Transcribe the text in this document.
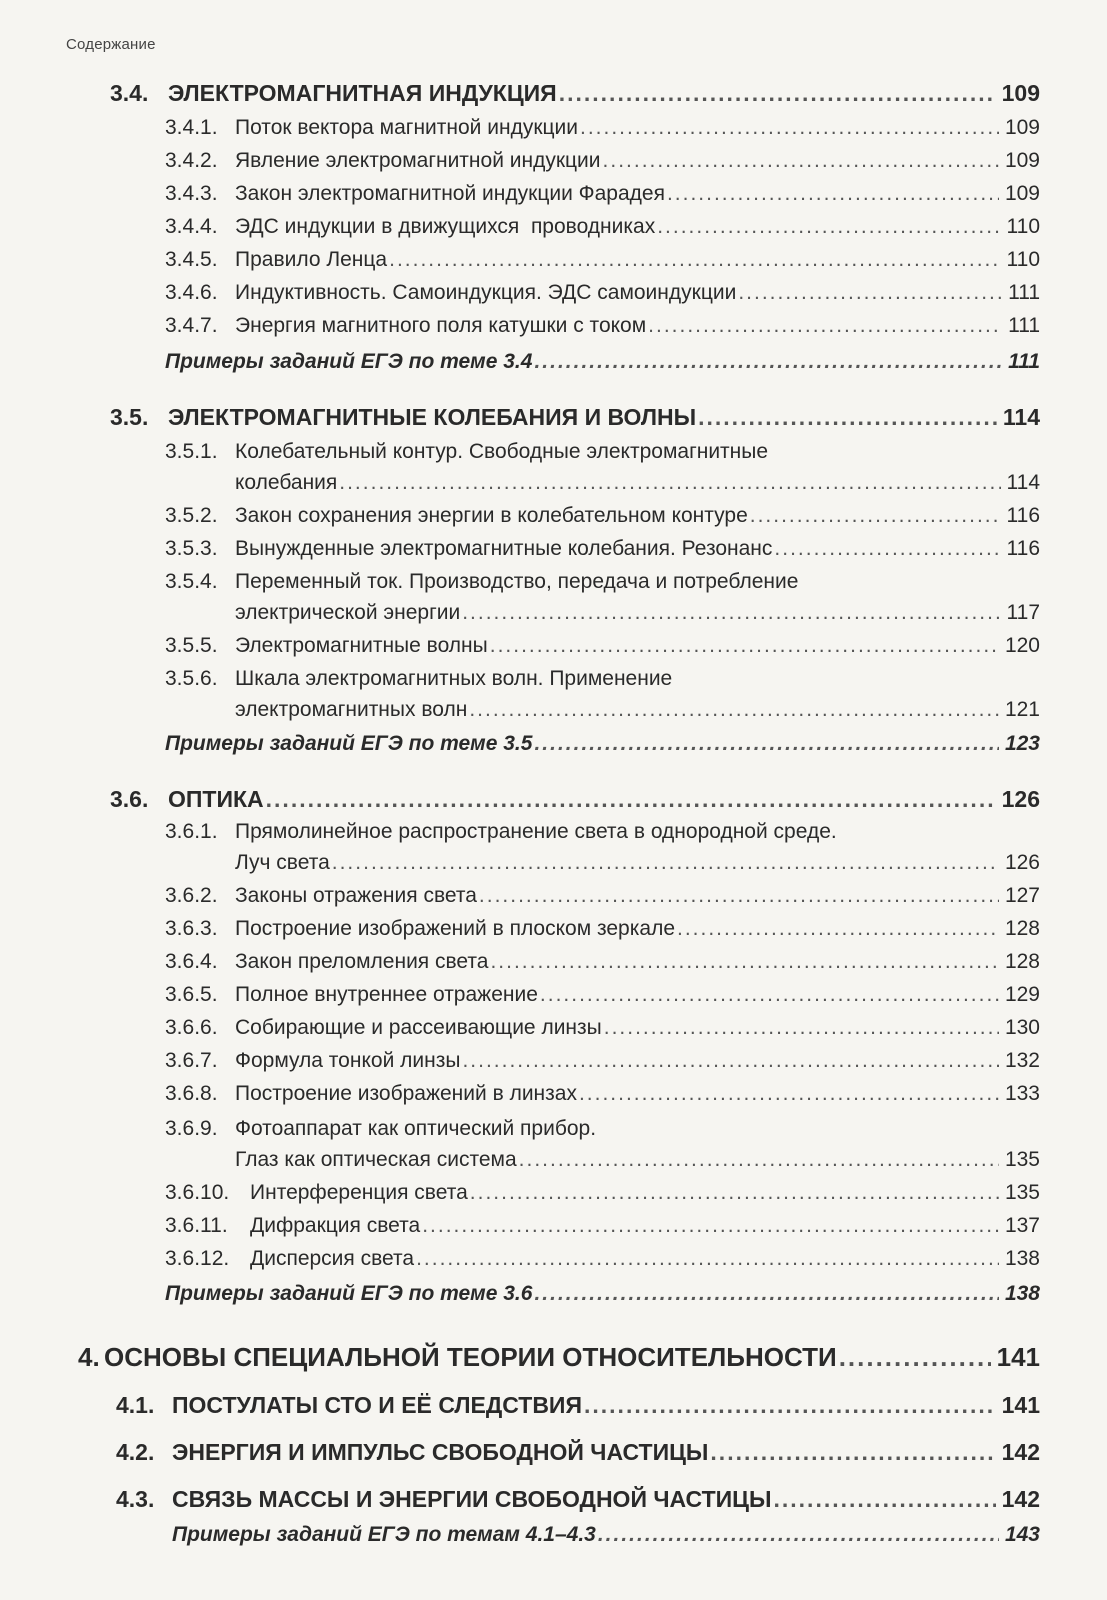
Содержание
3.4. ЭЛЕКТРОМАГНИТНАЯ ИНДУКЦИЯ .....	109
3.4.1. Поток вектора магнитной индукции .....	109
3.4.2. Явление электромагнитной индукции .....	109
3.4.3. Закон электромагнитной индукции Фарадея .....	109
3.4.4. ЭДС индукции в движущихся  проводниках .....	110
3.4.5. Правило Ленца .....	110
3.4.6. Индуктивность. Самоиндукция. ЭДС самоиндукции .....	111
3.4.7. Энергия магнитного поля катушки с током .....	111
Примеры заданий ЕГЭ по теме 3.4 .....	111
3.5. ЭЛЕКТРОМАГНИТНЫЕ КОЛЕБАНИЯ И ВОЛНЫ .....	114
3.5.1. Колебательный контур. Свободные электромагнитные
колебания .....	114
3.5.2. Закон сохранения энергии в колебательном контуре .....	116
3.5.3. Вынужденные электромагнитные колебания. Резонанс .....	116
3.5.4. Переменный ток. Производство, передача и потребление
электрической энергии .....	117
3.5.5. Электромагнитные волны .....	120
3.5.6. Шкала электромагнитных волн. Применение
электромагнитных волн .....	121
Примеры заданий ЕГЭ по теме 3.5 .....	123
3.6. ОПТИКА .....	126
3.6.1. Прямолинейное распространение света в однородной среде.
Луч света .....	126
3.6.2. Законы отражения света .....	127
3.6.3. Построение изображений в плоском зеркале .....	128
3.6.4. Закон преломления света .....	128
3.6.5. Полное внутреннее отражение .....	129
3.6.6. Собирающие и рассеивающие линзы .....	130
3.6.7. Формула тонкой линзы .....	132
3.6.8. Построение изображений в линзах .....	133
3.6.9. Фотоаппарат как оптический прибор.
Глаз как оптическая система .....	135
3.6.10. Интерференция света .....	135
3.6.11.	Дифракция света .....	137
3.6.12. Дисперсия света .....	138
Примеры заданий ЕГЭ по теме 3.6 .....	138
4. ОСНОВЫ СПЕЦИАЛЬНОЙ ТЕОРИИ ОТНОСИТЕЛЬНОСТИ .....	141
4.1. ПОСТУЛАТЫ СТО И ЕЁ СЛЕДСТВИЯ .....	141
4.2. ЭНЕРГИЯ И ИМПУЛЬС СВОБОДНОЙ ЧАСТИЦЫ .....	142
4.3. СВЯЗЬ МАССЫ И ЭНЕРГИИ СВОБОДНОЙ ЧАСТИЦЫ .....	142
Примеры заданий ЕГЭ по темам 4.1–4.3 .....	143
